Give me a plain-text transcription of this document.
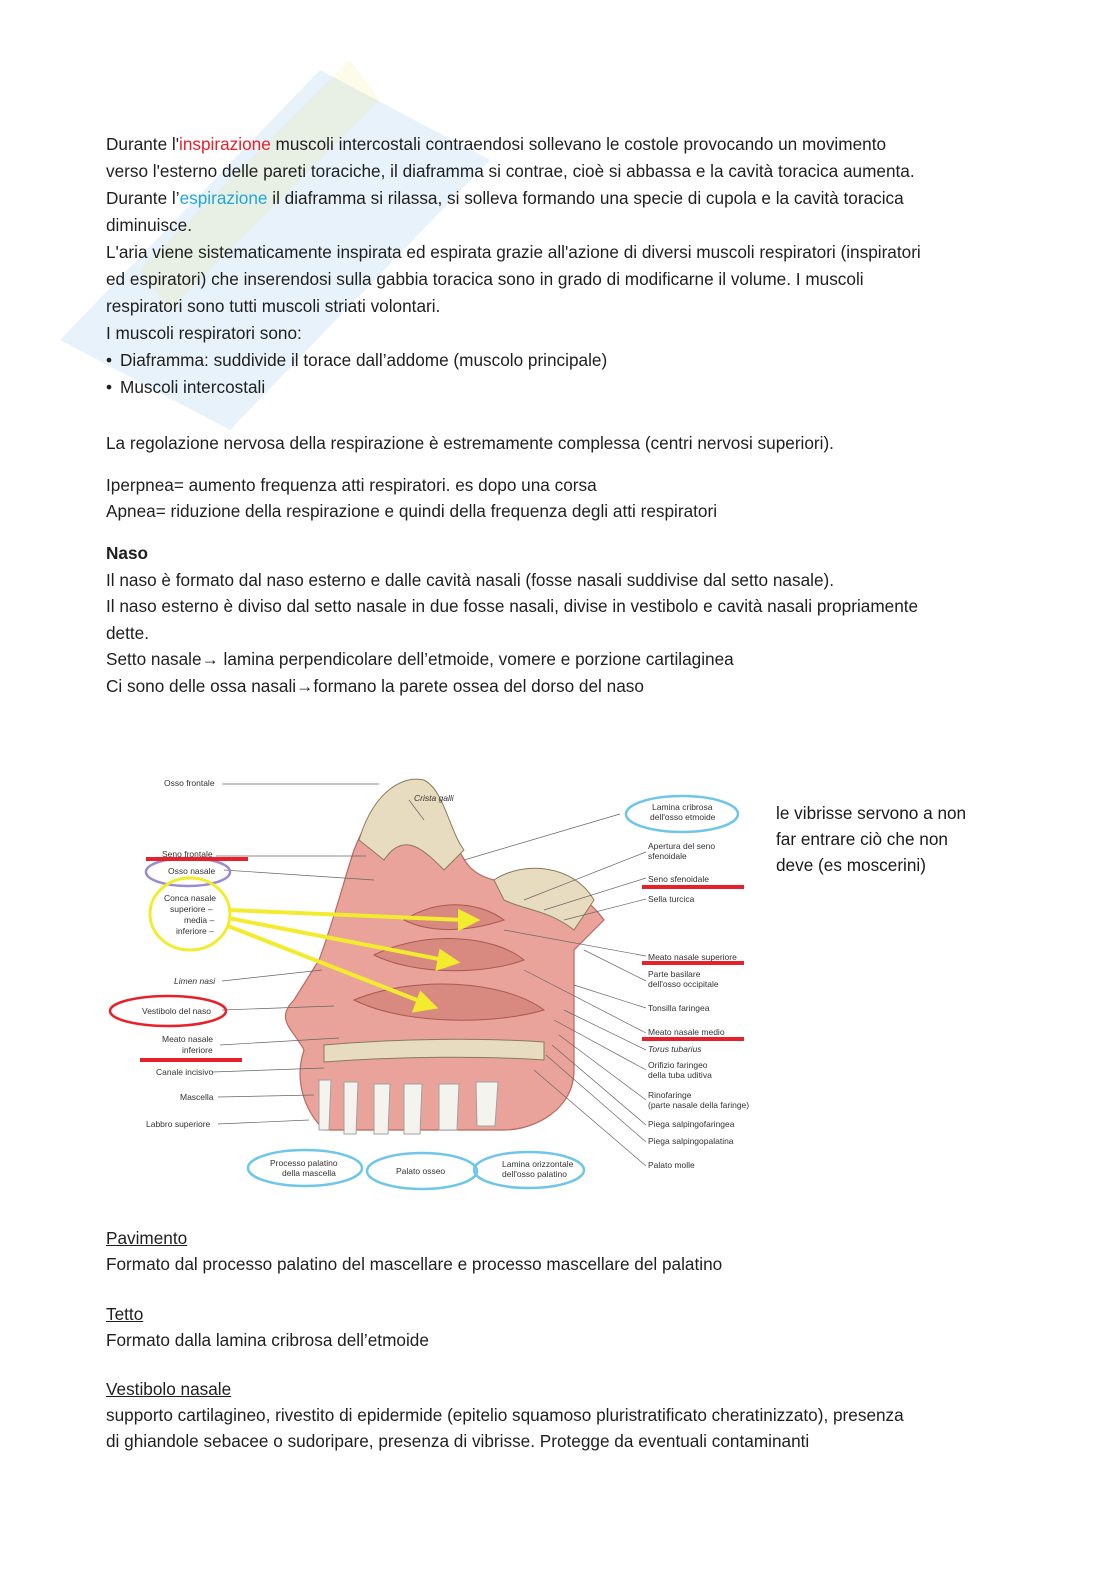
Durante l'inspirazione muscoli intercostali contraendosi sollevano le costole provocando un movimento

verso l'esterno delle pareti toraciche, il diaframma si contrae, cioè si abbassa e la cavità toracica aumenta.

Durante l’espirazione il diaframma si rilassa, si solleva formando una specie di cupola e la cavità toracica

diminuisce.

L'aria viene sistematicamente inspirata ed espirata grazie all'azione di diversi muscoli respiratori (inspiratori

ed espiratori) che inserendosi sulla gabbia toracica sono in grado di modificarne il volume. I muscoli

respiratori sono tutti muscoli striati volontari.

I muscoli respiratori sono:

• Diaframma: suddivide il torace dall’addome (muscolo principale)

• Muscoli intercostali

La regolazione nervosa della respirazione è estremamente complessa (centri nervosi superiori).

Iperpnea= aumento frequenza atti respiratori. es dopo una corsa

Apnea= riduzione della respirazione e quindi della frequenza degli atti respiratori

Naso

Il naso è formato dal naso esterno e dalle cavità nasali (fosse nasali suddivise dal setto nasale).

Il naso esterno è diviso dal setto nasale in due fosse nasali, divise in vestibolo e cavità nasali propriamente

dette.

Setto nasale→ lamina perpendicolare dell’etmoide, vomere e porzione cartilaginea

Ci sono delle ossa nasali→formano la parete ossea del dorso del naso

Osso frontale
Seno frontale
Osso nasale
Conca nasale
superiore –
media –
inferiore –
Limen nasi
Vestibolo del naso
Meato nasale
inferiore
Canale incisivo
Mascella
Labbro superiore
Crista galli
Lamina cribrosa
dell'osso etmoide
Apertura del seno
sfenoidale
Seno sfenoidale
Sella turcica
Meato nasale superiore
Parte basilare
dell'osso occipitale
Tonsilla faringea
Meato nasale medio
Torus tubarius
Orifizio faringeo
della tuba uditiva
Rinofaringe
(parte nasale della faringe)
Piega salpingofaringea
Piega salpingopalatina
Palato molle
Processo palatino
della mascella	Palato osseo
Lamina orizzontale
dell'osso palatino
le vibrisse servono a non
far entrare ciò che non
deve (es moscerini)

Pavimento

Formato dal processo palatino del mascellare e processo mascellare del palatino

Tetto

Formato dalla lamina cribrosa dell’etmoide

Vestibolo nasale

supporto cartilagineo, rivestito di epidermide (epitelio squamoso pluristratificato cheratinizzato), presenza

di ghiandole sebacee o sudoripare, presenza di vibrisse. Protegge da eventuali contaminanti
